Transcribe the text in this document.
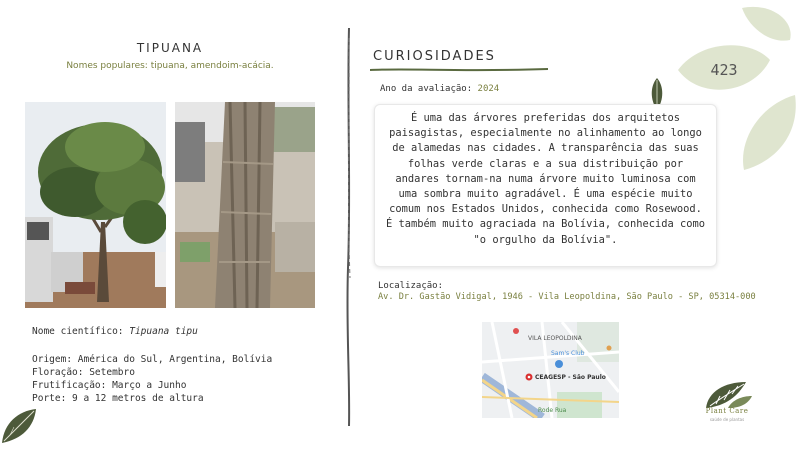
423
TIPUANA
Nomes populares: tipuana, amendoim-acácia.
Nome científico: Tipuana tipu
Origem: América do Sul, Argentina, Bolívia
Floração: Setembro
Frutificação: Março a Junho
Porte: 9 a 12 metros de altura
CURIOSIDADES
Ano da avaliação: 2024

É uma das árvores preferidas dos arquitetos paisagistas, especialmente no alinhamento ao longo de alamedas nas cidades. A transparência das suas folhas verde claras e a sua distribuição por andares tornam-na numa árvore muito luminosa com uma sombra muito agradável. É uma espécie muito comum nos Estados Unidos, conhecida como Rosewood. É também muito agraciada na Bolívia, conhecida como "o orgulho da Bolívia".

Localização:
Av. Dr. Gastão Vidigal, 1946 - Vila Leopoldina, São Paulo - SP, 05314-000
VILA LEOPOLDINA
Sam's Club
CEAGESP - São Paulo
Rode Rua	Plant Care
saúde de plantas
